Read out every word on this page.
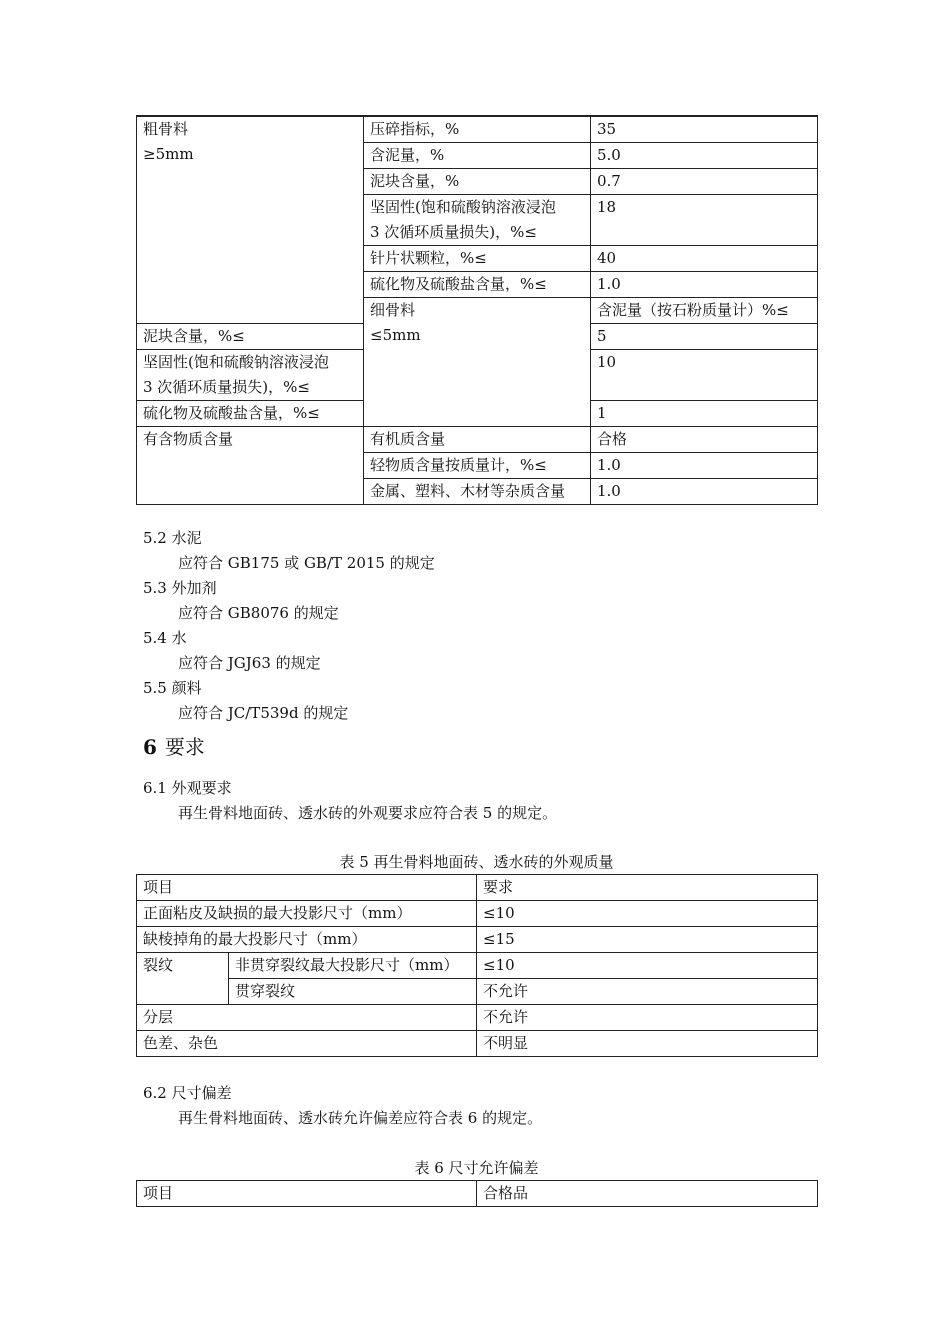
粗骨料
≥5mm	压碎指标，%	35	
	含泥量，%	5.0	
	泥块含量，%	0.7	

	坚固性(饱和硫酸钠溶液浸泡
3 次循环质量损失)，%≤	18	
	针片状颗粒，%≤	40	
	硫化物及硫酸盐含量，%≤	1.0	

	细骨料
≤5mm	含泥量（按石粉质量计）%≤	
泥块含量，%≤		5	

坚固性(饱和硫酸钠溶液浸泡
3 次循环质量损失)，%≤		10	
硫化物及硫酸盐含量，%≤		1	

有含物质含量	有机质含量	合格	
	轻物质含量按质量计，%≤	1.0	
	金属、塑料、木材等杂质含量	1.0	
5.2 水泥
应符合 GB175 或 GB/T 2015 的规定
5.3 外加剂
应符合 GB8076 的规定
5.4 水
应符合 JGJ63 的规定
5.5 颜料
应符合 JC/T539d 的规定
6 要求
6.1 外观要求
再生骨料地面砖、透水砖的外观要求应符合表 5 的规定。
表 5 再生骨料地面砖、透水砖的外观质量
项目		要求
正面粘皮及缺损的最大投影尺寸（mm）		≤10
缺棱掉角的最大投影尺寸（mm）		≤15
裂纹	非贯穿裂纹最大投影尺寸（mm）	≤10
	贯穿裂纹	不允许
分层		不允许
色差、杂色		不明显
6.2 尺寸偏差
再生骨料地面砖、透水砖允许偏差应符合表 6 的规定。
表 6 尺寸允许偏差
项目	合格品
